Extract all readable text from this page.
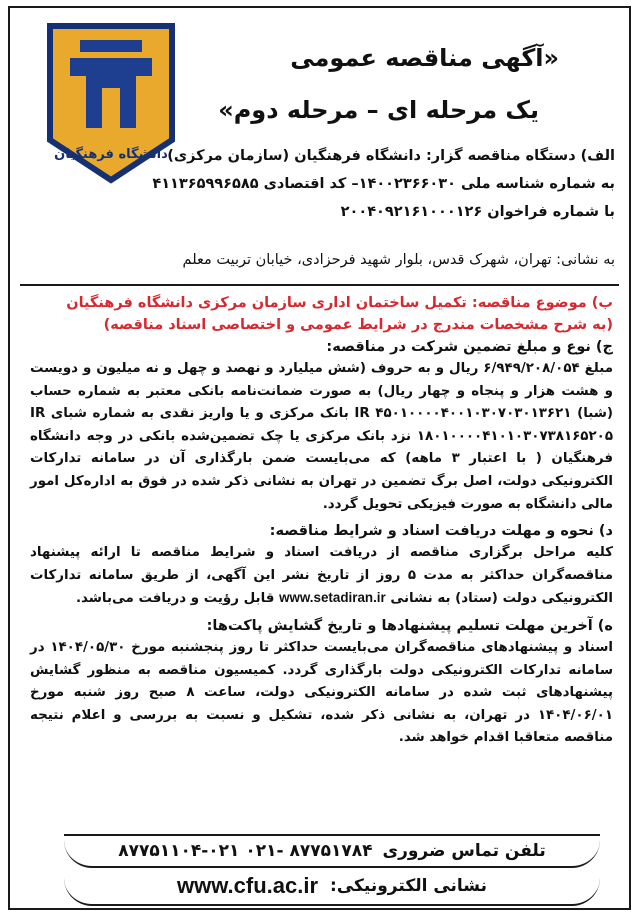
دانشگاه فرهنگیان
«آگهی مناقصه عمومی
یک مرحله ای – مرحله دوم»
الف) دستگاه مناقصه گزار: دانشگاه فرهنگیان (سازمان مرکزی)
به شماره شناسه ملی ۱۴۰۰۲۳۶۶۰۳۰– کد اقتصادی ۴۱۱۳۶۵۹۹۶۵۸۵
با شماره فراخوان ۲۰۰۴۰۹۲۱۶۱۰۰۰۱۲۶
به نشانی: تهران، شهرک قدس، بلوار شهید فرحزادی، خیابان تربیت معلم

ب) موضوع مناقصه: تکمیل ساختمان اداری سازمان مرکزی دانشگاه فرهنگیان

(به شرح مشخصات مندرج در شرایط عمومی و اختصاصی اسناد مناقصه)

ج) نوع و مبلغ تضمین شرکت در مناقصه:

مبلغ ۶/۹۴۹/۲۰۸/۰۵۴ ریال و به حروف (شش میلیارد و نهصد و چهل و نه میلیون و دویست و هشت هزار و پنجاه و چهار ریال) به صورت ضمانت‌نامه بانکی معتبر به شماره حساب (شبا) IR ۴۵۰۱۰۰۰۰۴۰۰۱۰۳۰۷۰۳۰۱۳۶۲۱ بانک مرکزی و یا واریز نقدی به شماره شبای IR ۱۸۰۱۰۰۰۰۴۱۰۱۰۳۰۷۳۸۱۶۵۲۰۵ نزد بانک مرکزی یا چک تضمین‌شده بانکی در وجه دانشگاه فرهنگیان ( با اعتبار ۳ ماهه) که می‌بایست ضمن بارگذاری آن در سامانه تدارکات الکترونیکی دولت، اصل برگ تضمین در تهران به نشانی ذکر شده در فوق به اداره‌کل امور مالی دانشگاه به صورت فیزیکی تحویل گردد.

د) نحوه و مهلت دریافت اسناد و شرایط مناقصه:

کلیه مراحل برگزاری مناقصه از دریافت اسناد و شرایط مناقصه تا ارائه پیشنهاد مناقصه‌گران حداکثر به مدت ۵ روز از تاریخ نشر این آگهی، از طریق سامانه تدارکات الکترونیکی دولت (ستاد) به نشانی www.setadiran.ir قابل رؤیت و دریافت می‌باشد.

ه) آخرین مهلت تسلیم پیشنهادها و تاریخ گشایش پاکت‌ها:

اسناد و پیشنهادهای مناقصه‌گران می‌بایست حداکثر تا روز پنجشنبه مورخ ۱۴۰۴/۰۵/۳۰ در سامانه تدارکات الکترونیکی دولت بارگذاری گردد. کمیسیون مناقصه به منظور گشایش پیشنهادهای ثبت شده در سامانه الکترونیکی دولت، ساعت ۸ صبح روز شنبه مورخ ۱۴۰۴/۰۶/۰۱ در تهران، به نشانی ذکر شده، تشکیل و نسبت به بررسی و اعلام نتیجه مناقصه متعاقبا اقدام خواهد شد.

تلفن تماس ضروری
۸۷۷۵۱۷۸۴ -۰۲۱ ۸۷۷۵۱۱۰۴-۰۲۱
نشانی الکترونیکی:
www.cfu.ac.ir
